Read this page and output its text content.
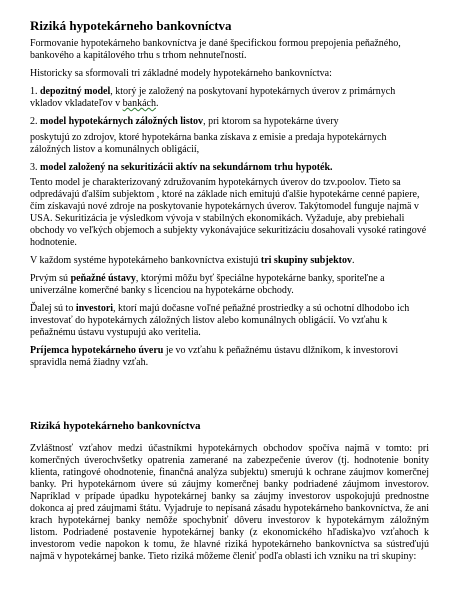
Riziká hypotekárneho bankovníctva

Formovanie hypotekárneho bankovníctva je dané špecifickou formou prepojenia peňažného, bankového a kapitálového trhu s trhom nehnuteľností.

Historicky sa sformovali tri základné modely hypotekárneho bankovníctva:

1. depozitný model, ktorý je založený na poskytovaní hypotekárnych úverov z primárnych vkladov vkladateľov v bankách.

2. model hypotekárnych záložných listov, pri ktorom sa hypotekárne úvery

poskytujú zo zdrojov, ktoré hypotekárna banka získava z emisie a predaja hypotekárnych záložných listov a komunálnych obligácií,

3. model založený na sekuritizácii aktív na sekundárnom trhu hypoték.

Tento model je charakterizovaný združovaním hypotekárnych úverov do tzv.poolov. Tieto sa odpredávajú ďalším subjektom , ktoré na základe nich emitujú ďalšie hypotekárne cenné papiere, čím získavajú nové zdroje na poskytovanie hypotekárnych úverov. Takýtomodel funguje najmä v USA. Sekuritizácia je výsledkom vývoja v stabilných ekonomikách. Vyžaduje, aby prebiehali obchody vo veľkých objemoch a subjekty vykonávajúce sekuritizáciu dosahovali vysoké ratingové hodnotenie.

V každom systéme hypotekárneho bankovníctva existujú tri skupiny subjektov.

Prvým sú peňažné ústavy, ktorými môžu byť špeciálne hypotekárne banky, sporiteľne a univerzálne komerčné banky s licenciou na hypotekárne obchody.

Ďalej sú to investori, ktorí majú dočasne voľné peňažné prostriedky a sú ochotní dlhodobo ich investovať do hypotekárnych záložných listov alebo komunálnych obligácií. Vo vzťahu k peňažnému ústavu vystupujú ako veritelia.

Príjemca hypotekárneho úveru je vo vzťahu k peňažnému ústavu dlžníkom, k investorovi spravidla nemá žiadny vzťah.

Riziká hypotekárneho bankovníctva

Zvláštnosť vzťahov medzi účastníkmi hypotekárnych obchodov spočíva najmä v tomto: pri komerčných úverochvšetky opatrenia zamerané na zabezpečenie úverov (tj. hodnotenie bonity klienta, ratingové ohodnotenie, finančná analýza subjektu) smerujú k ochrane záujmov komerčnej banky. Pri hypotekárnom úvere sú záujmy komerčnej banky podriadené záujmom investorov. Napríklad v prípade úpadku hypotekárnej banky sa záujmy investorov uspokojujú prednostne dokonca aj pred záujmami štátu. Vyjadruje to nepísaná zásadu hypotekárneho bankovníctva, že ani krach hypotekárnej banky nemôže spochybniť dôveru investorov k hypotekárnym záložným listom. Podriadené postavenie hypotekárnej banky (z ekonomického hľadiska)vo vzťahoch k investorom vedie napokon k tomu, že hlavné riziká hypotekárneho bankovníctva sa sústreďujú najmä v hypotekárnej banke. Tieto riziká môžeme členiť podľa oblasti ich vzniku na tri skupiny:
